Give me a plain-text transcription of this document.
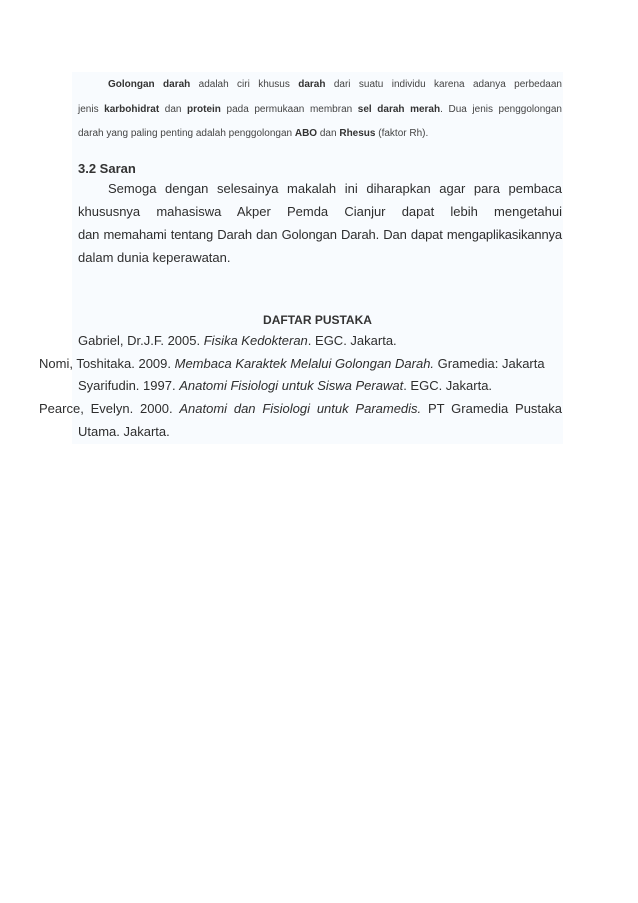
Golongan darah adalah ciri khusus darah dari suatu individu karena adanya perbedaan
jenis karbohidrat dan protein pada permukaan membran sel darah merah. Dua jenis penggolongan
darah yang paling penting adalah penggolongan ABO dan Rhesus (faktor Rh).
3.2 Saran
Semoga dengan selesainya makalah ini diharapkan agar para pembaca
khususnya mahasiswa Akper Pemda Cianjur dapat lebih mengetahui
dan memahami tentang Darah dan Golongan Darah. Dan dapat mengaplikasikannya
dalam dunia keperawatan.
DAFTAR PUSTAKA
Gabriel, Dr.J.F. 2005. Fisika Kedokteran. EGC. Jakarta.
Nomi, Toshitaka. 2009. Membaca Karaktek Melalui Golongan Darah. Gramedia: Jakarta
Syarifudin. 1997. Anatomi Fisiologi untuk Siswa Perawat. EGC. Jakarta.
Pearce, Evelyn. 2000. Anatomi dan Fisiologi untuk Paramedis. PT Gramedia Pustaka
Utama. Jakarta.
